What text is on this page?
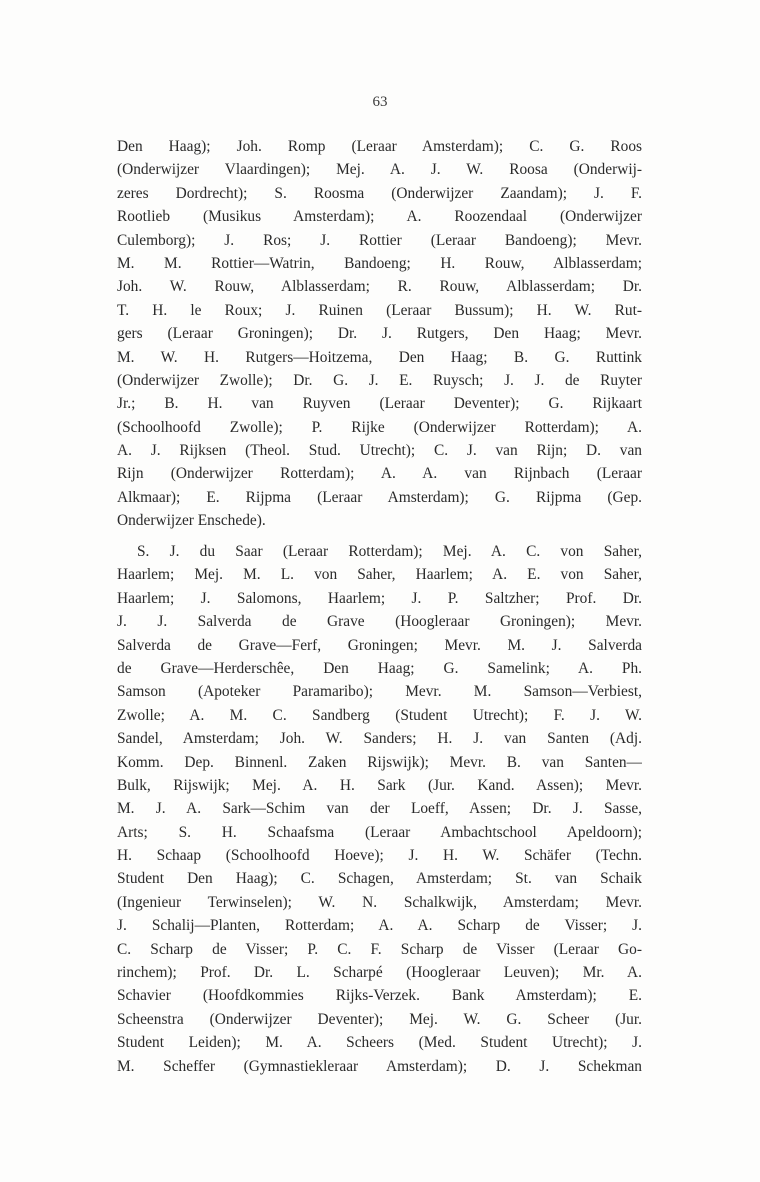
63
Den Haag); Joh. Romp (Leraar Amsterdam); C. G. Roos
(Onderwijzer Vlaardingen); Mej. A. J. W. Roosa (Onderwij-
zeres Dordrecht); S. Roosma (Onderwijzer Zaandam); J. F.
Rootlieb (Musikus Amsterdam); A. Roozendaal (Onderwijzer
Culemborg); J. Ros; J. Rottier (Leraar Bandoeng); Mevr.
M. M. Rottier—Watrin, Bandoeng; H. Rouw, Alblasserdam;
Joh. W. Rouw, Alblasserdam; R. Rouw, Alblasserdam; Dr.
T. H. le Roux; J. Ruinen (Leraar Bussum); H. W. Rut-
gers (Leraar Groningen); Dr. J. Rutgers, Den Haag; Mevr.
M. W. H. Rutgers—Hoitzema, Den Haag; B. G. Ruttink
(Onderwijzer Zwolle); Dr. G. J. E. Ruysch; J. J. de Ruyter
Jr.; B. H. van Ruyven (Leraar Deventer); G. Rijkaart
(Schoolhoofd Zwolle); P. Rijke (Onderwijzer Rotterdam); A.
A. J. Rijksen (Theol. Stud. Utrecht); C. J. van Rijn; D. van
Rijn (Onderwijzer Rotterdam); A. A. van Rijnbach (Leraar
Alkmaar); E. Rijpma (Leraar Amsterdam); G. Rijpma (Gep.
Onderwijzer Enschede).
S. J. du Saar (Leraar Rotterdam); Mej. A. C. von Saher,
Haarlem; Mej. M. L. von Saher, Haarlem; A. E. von Saher,
Haarlem; J. Salomons, Haarlem; J. P. Saltzher; Prof. Dr.
J. J. Salverda de Grave (Hoogleraar Groningen); Mevr.
Salverda de Grave—Ferf, Groningen; Mevr. M. J. Salverda
de Grave—Herderschêe, Den Haag; G. Samelink; A. Ph.
Samson (Apoteker Paramaribo); Mevr. M. Samson—Verbiest,
Zwolle; A. M. C. Sandberg (Student Utrecht); F. J. W.
Sandel, Amsterdam; Joh. W. Sanders; H. J. van Santen (Adj.
Komm. Dep. Binnenl. Zaken Rijswijk); Mevr. B. van Santen—
Bulk, Rijswijk; Mej. A. H. Sark (Jur. Kand. Assen); Mevr.
M. J. A. Sark—Schim van der Loeff, Assen; Dr. J. Sasse,
Arts; S. H. Schaafsma (Leraar Ambachtschool Apeldoorn);
H. Schaap (Schoolhoofd Hoeve); J. H. W. Schäfer (Techn.
Student Den Haag); C. Schagen, Amsterdam; St. van Schaik
(Ingenieur Terwinselen); W. N. Schalkwijk, Amsterdam; Mevr.
J. Schalij—Planten, Rotterdam; A. A. Scharp de Visser; J.
C. Scharp de Visser; P. C. F. Scharp de Visser (Leraar Go-
rinchem); Prof. Dr. L. Scharpé (Hoogleraar Leuven); Mr. A.
Schavier (Hoofdkommies Rijks-Verzek. Bank Amsterdam); E.
Scheenstra (Onderwijzer Deventer); Mej. W. G. Scheer (Jur.
Student Leiden); M. A. Scheers (Med. Student Utrecht); J.
M. Scheffer (Gymnastiekleraar Amsterdam); D. J. Schekman
